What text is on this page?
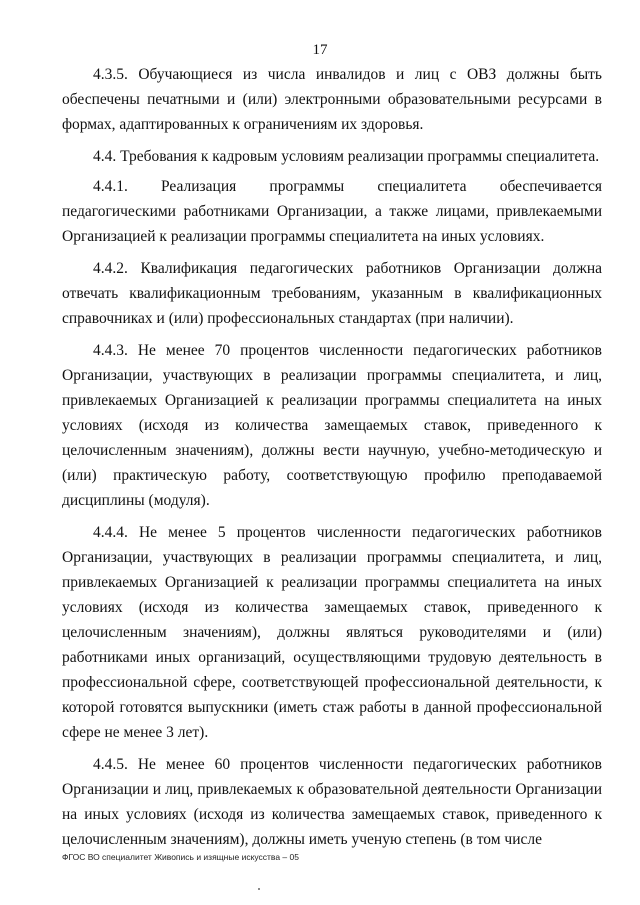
17

4.3.5. Обучающиеся из числа инвалидов и лиц с ОВЗ должны быть обеспечены печатными и (или) электронными образовательными ресурсами в формах, адаптированных к ограничениям их здоровья.

4.4. Требования к кадровым условиям реализации программы специалитета.

4.4.1. Реализация программы специалитета обеспечивается педагогическими работниками Организации, а также лицами, привлекаемыми Организацией к реализации программы специалитета на иных условиях.

4.4.2. Квалификация педагогических работников Организации должна отвечать квалификационным требованиям, указанным в квалификационных справочниках и (или) профессиональных стандартах (при наличии).

4.4.3. Не менее 70 процентов численности педагогических работников Организации, участвующих в реализации программы специалитета, и лиц, привлекаемых Организацией к реализации программы специалитета на иных условиях (исходя из количества замещаемых ставок, приведенного к целочисленным значениям), должны вести научную, учебно-методическую и (или) практическую работу, соответствующую профилю преподаваемой дисциплины (модуля).

4.4.4. Не менее 5 процентов численности педагогических работников Организации, участвующих в реализации программы специалитета, и лиц, привлекаемых Организацией к реализации программы специалитета на иных условиях (исходя из количества замещаемых ставок, приведенного к целочисленным значениям), должны являться руководителями и (или) работниками иных организаций, осуществляющими трудовую деятельность в профессиональной сфере, соответствующей профессиональной деятельности, к которой готовятся выпускники (иметь стаж работы в данной профессиональной сфере не менее 3 лет).

4.4.5. Не менее 60 процентов численности педагогических работников Организации и лиц, привлекаемых к образовательной деятельности Организации на иных условиях (исходя из количества замещаемых ставок, приведенного к целочисленным значениям), должны иметь ученую степень (в том числе

ФГОС ВО специалитет Живопись и изящные искусства – 05
